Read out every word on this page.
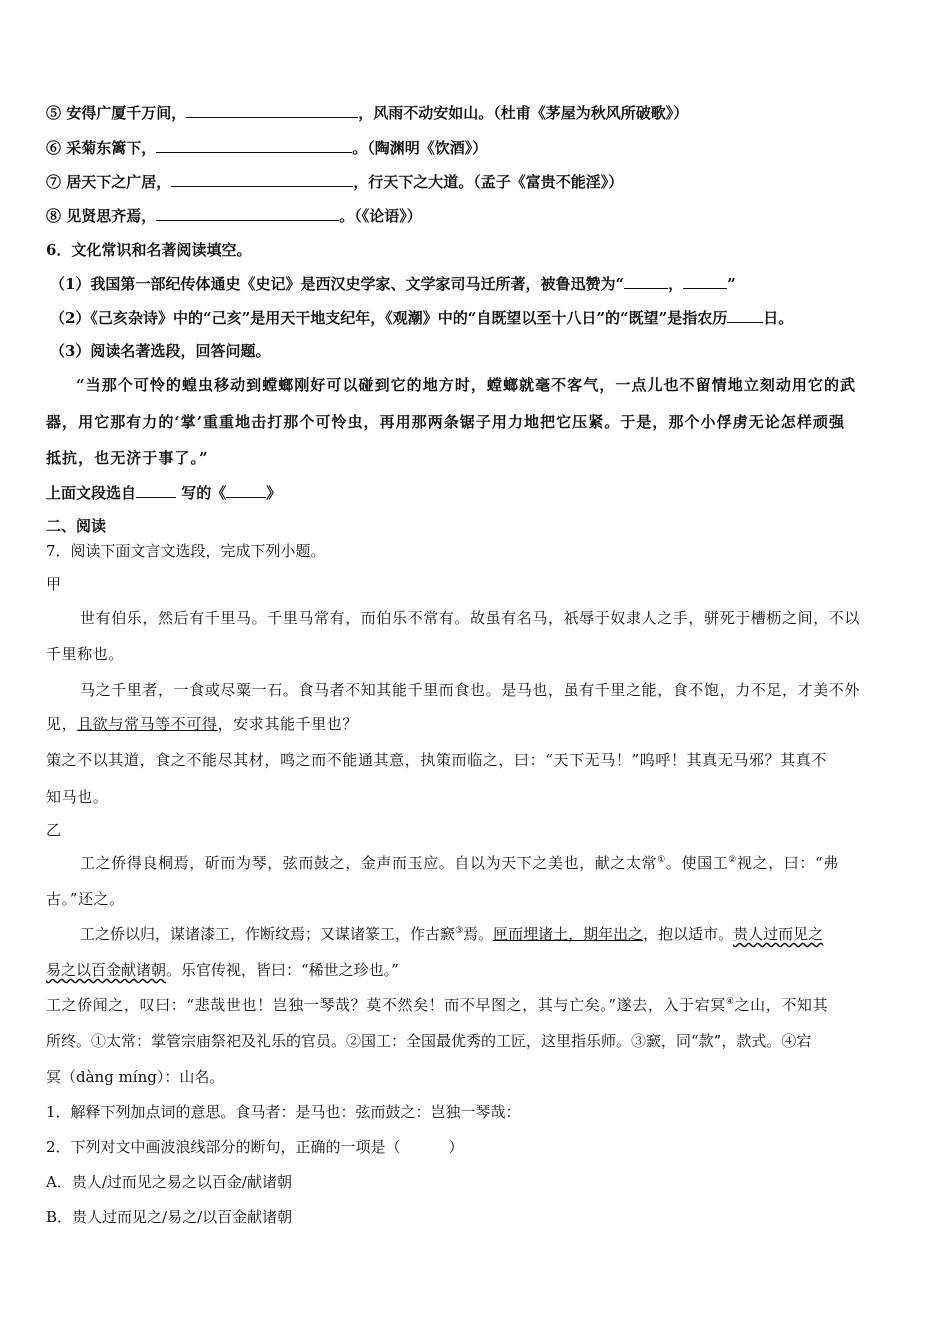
⑤ 安得广厦千万间，	，风雨不动安如山。（杜甫《茅屋为秋风所破歌》）
⑥ 采菊东篱下，	。（陶渊明《饮酒》）
⑦ 居天下之广居，	，行天下之大道。（孟子《富贵不能淫》）
⑧ 见贤思齐焉，	。（《论语》）
6．文化常识和名著阅读填空。
（1）我国第一部纪传体通史《史记》是西汉史学家、文学家司马迁所著，被鲁迅赞为“	，	”
（2）《己亥杂诗》中的“己亥”是用天干地支纪年，《观潮》中的“自既望以至十八日”的“既望”是指农历 日。
（3）阅读名著选段，回答问题。
“当那个可怜的蝗虫移动到螳螂刚好可以碰到它的地方时，螳螂就毫不客气，一点儿也不留情地立刻动用它的武
器，用它那有力的‘掌’重重地击打那个可怜虫，再用那两条锯子用力地把它压紧。于是，那个小俘虏无论怎样顽强
抵抗，也无济于事了。”
上面文段选自	写的《	》
二、阅读
7．阅读下面文言文选段，完成下列小题。
甲
世有伯乐，然后有千里马。千里马常有，而伯乐不常有。故虽有名马，祇辱于奴隶人之手，骈死于槽枥之间，不以
千里称也。
马之千里者，一食或尽粟一石。食马者不知其能千里而食也。是马也，虽有千里之能，食不饱，力不足，才美不外
见，且欲与常马等不可得，安求其能千里也？
策之不以其道，食之不能尽其材，鸣之而不能通其意，执策而临之，曰：“天下无马！”呜呼！其真无马邪？其真不
知马也。
乙
工之侨得良桐焉，斫而为琴，弦而鼓之，金声而玉应。自以为天下之美也，献之太常①。使国工②视之，曰：“弗
古。”还之。
工之侨以归，谋诸漆工，作断纹焉；又谋诸篆工，作古窾③焉。匣而埋诸土，期年出之，抱以适市。贵人过而见之
易之以百金献诸朝。乐官传视，皆曰：“稀世之珍也。”
工之侨闻之，叹曰：“悲哉世也！岂独一琴哉？莫不然矣！而不早图之，其与亡矣。”遂去，入于宕冥④之山，不知其
所终。①太常：掌管宗庙祭祀及礼乐的官员。②国工：全国最优秀的工匠，这里指乐师。③窾，同“款”，款式。④宕
冥（dàng míng）：山名。
1．解释下列加点词的意思。食马者：是马也：弦而鼓之：岂独一琴哉：
2．下列对文中画波浪线部分的断句，正确的一项是（	）
A．贵人/过而见之易之以百金/献诸朝
B．贵人过而见之/易之/以百金献诸朝
